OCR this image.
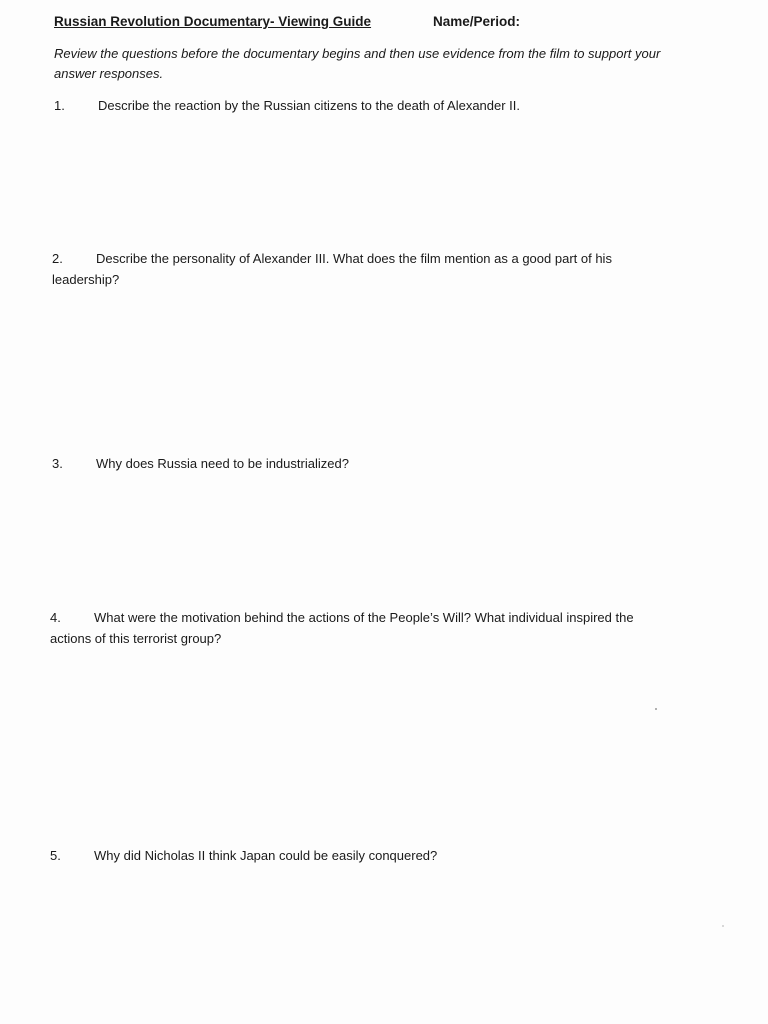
Russian Revolution Documentary- Viewing Guide	Name/Period:
Review the questions before the documentary begins and then use evidence from the film to support your answer responses.
1.	Describe the reaction by the Russian citizens to the death of Alexander II.
2.	Describe the personality of Alexander III. What does the film mention as a good part of his leadership?
3.	Why does Russia need to be industrialized?
4.	What were the motivation behind the actions of the People’s Will? What individual inspired the actions of this terrorist group?
5.	Why did Nicholas II think Japan could be easily conquered?
